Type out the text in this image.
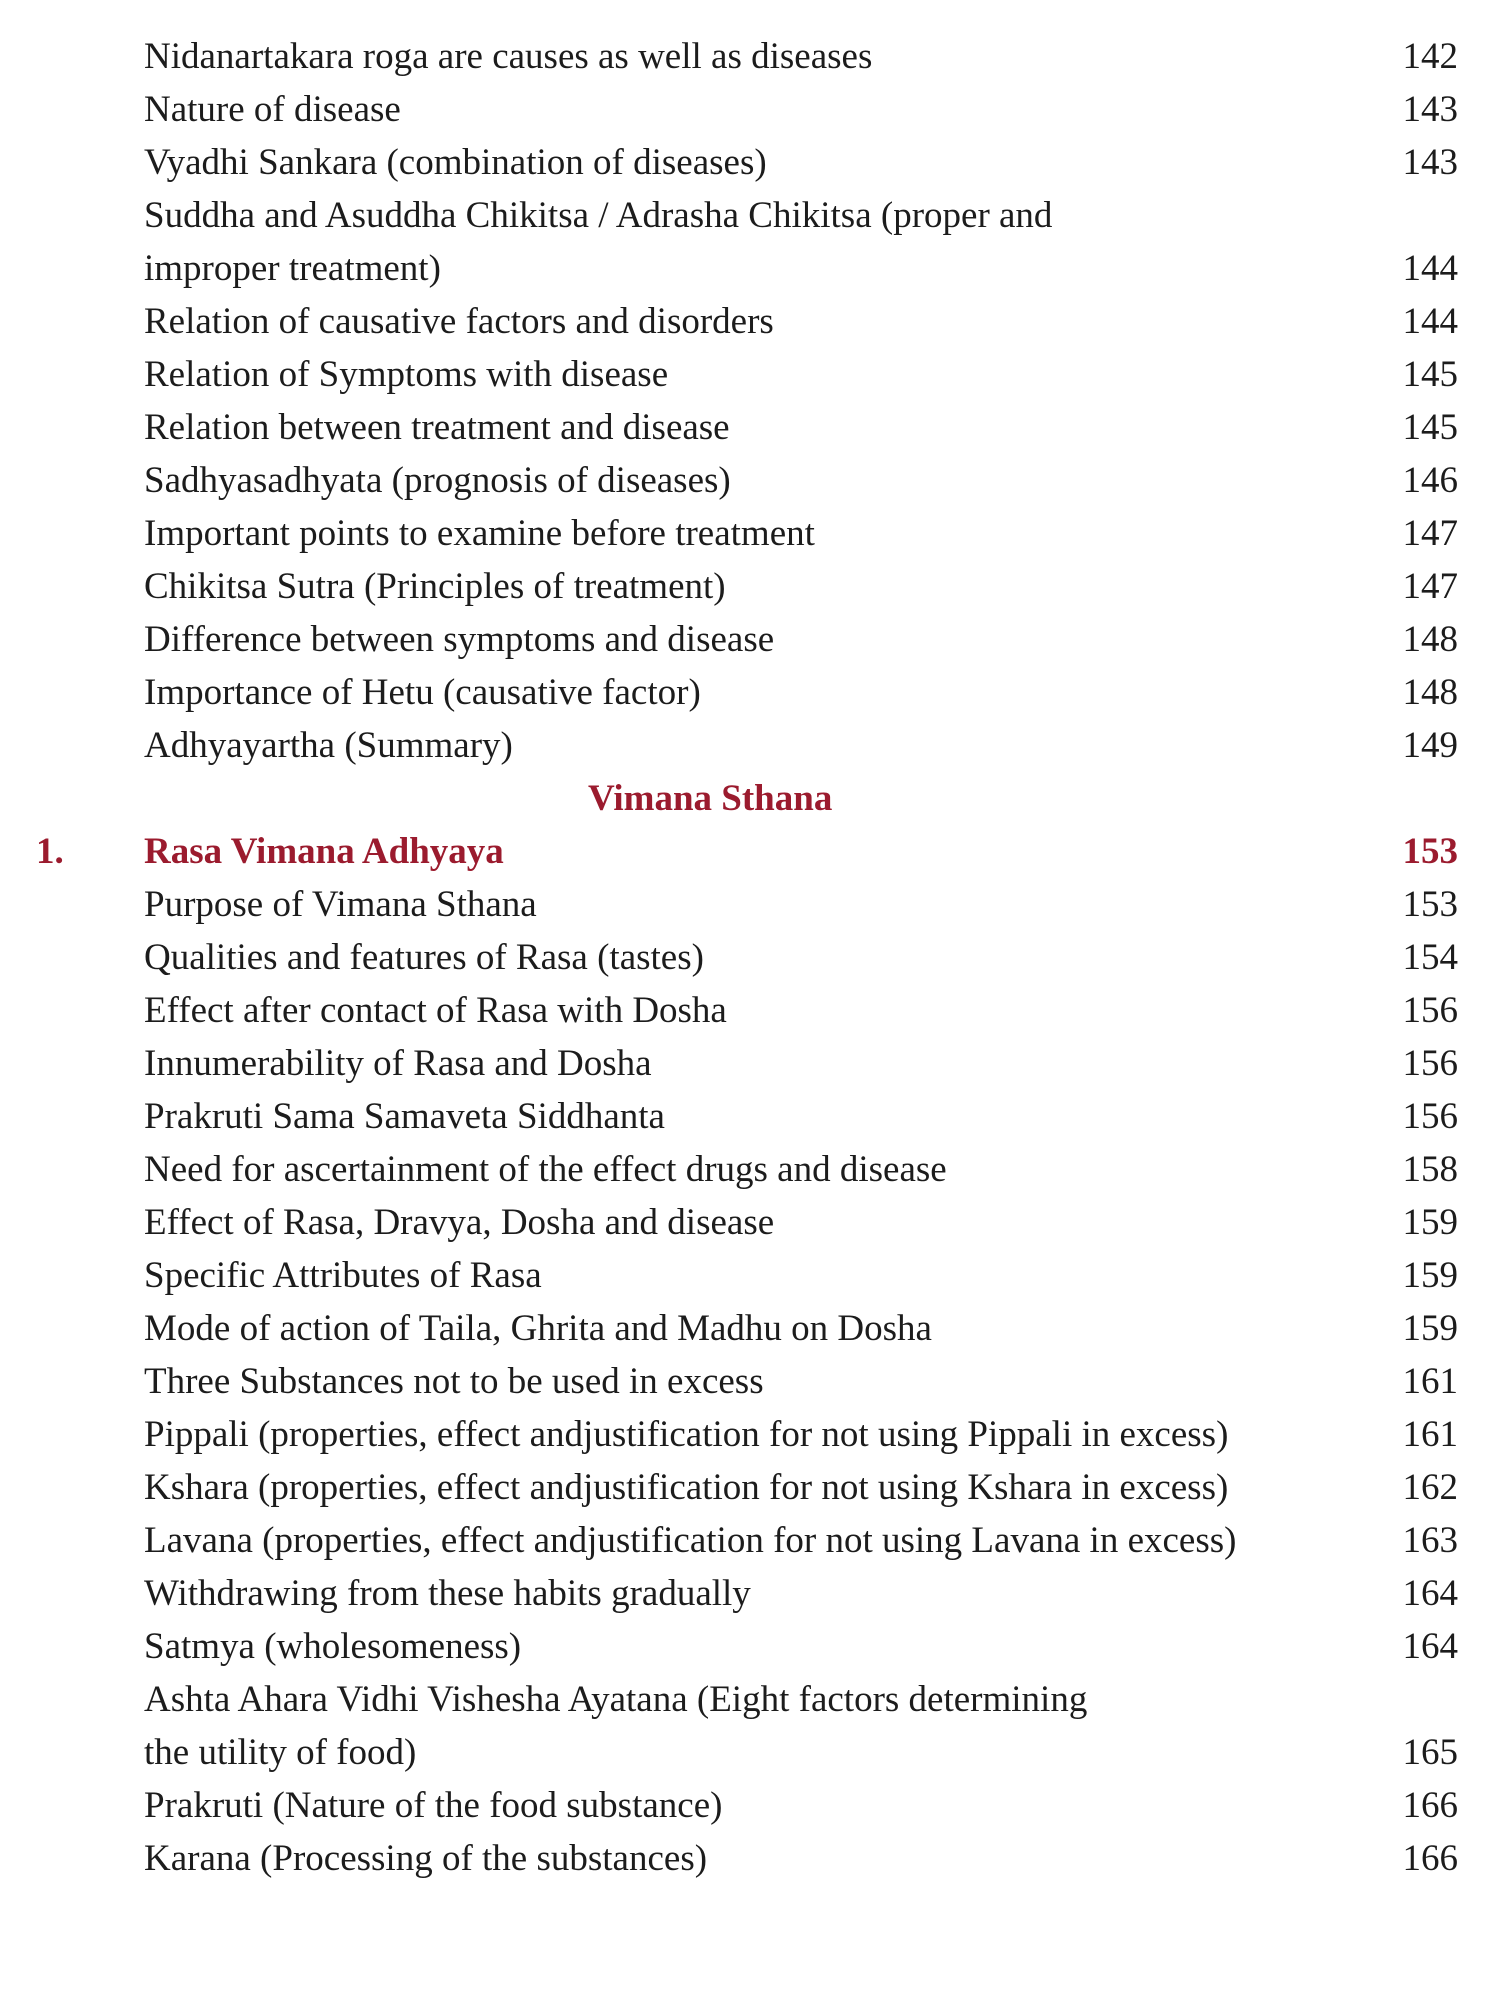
Nidanartakara roga are causes as well as diseases	142
Nature of disease	143
Vyadhi Sankara (combination of diseases)	143
Suddha and Asuddha Chikitsa / Adrasha Chikitsa (proper and
improper treatment)	144
Relation of causative factors and disorders	144
Relation of Symptoms with disease	145
Relation between treatment and disease	145
Sadhyasadhyata (prognosis of diseases)	146
Important points to examine before treatment	147
Chikitsa Sutra (Principles of treatment)	147
Difference between symptoms and disease	148
Importance of Hetu (causative factor)	148
Adhyayartha (Summary)	149
Vimana Sthana
1. Rasa Vimana Adhyaya	153
Purpose of Vimana Sthana	153
Qualities and features of Rasa (tastes)	154
Effect after contact of Rasa with Dosha	156
Innumerability of Rasa and Dosha	156
Prakruti Sama Samaveta Siddhanta	156
Need for ascertainment of the effect drugs and disease	158
Effect of Rasa, Dravya, Dosha and disease	159
Specific Attributes of Rasa	159
Mode of action of Taila, Ghrita and Madhu on Dosha	159
Three Substances not to be used in excess	161
Pippali (properties, effect andjustification for not using Pippali in excess)	161
Kshara (properties, effect andjustification for not using Kshara in excess)	162
Lavana (properties, effect andjustification for not using Lavana in excess)	163
Withdrawing from these habits gradually	164
Satmya (wholesomeness)	164
Ashta Ahara Vidhi Vishesha Ayatana (Eight factors determining
the utility of food)	165
Prakruti (Nature of the food substance)	166
Karana (Processing of the substances)	166
